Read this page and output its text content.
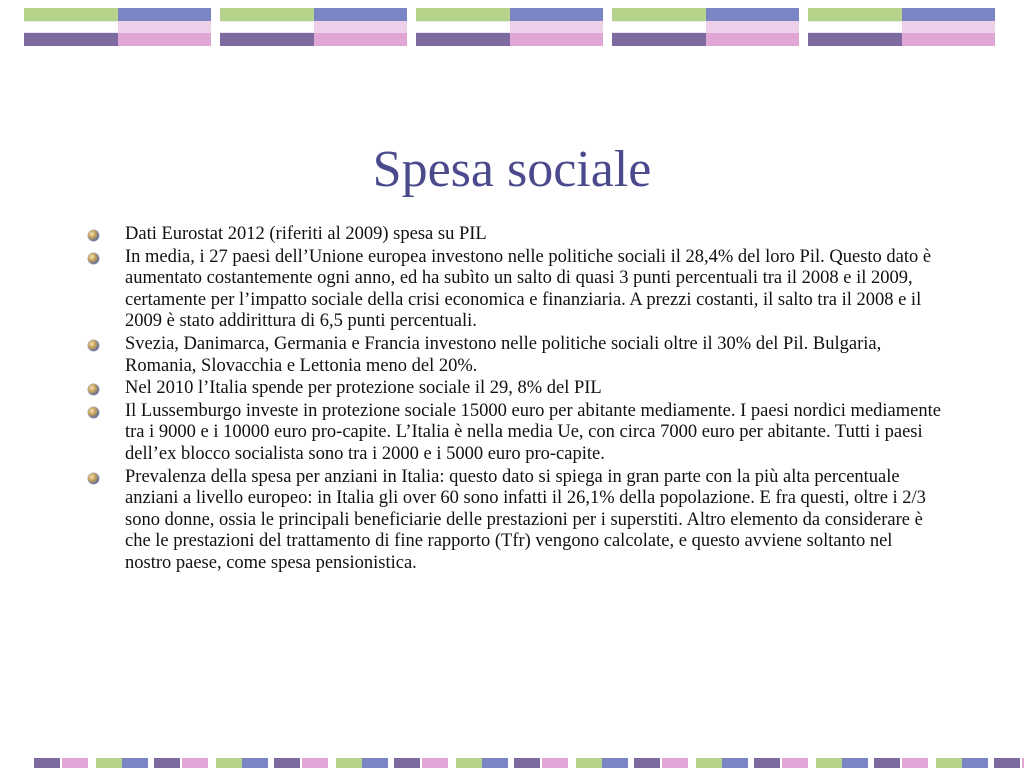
Spesa sociale
Dati Eurostat 2012 (riferiti al 2009) spesa su PIL
In media, i 27 paesi dell’Unione europea investono nelle politiche sociali il 28,4% del loro Pil. Questo dato è aumentato costantemente ogni anno, ed ha subìto un salto di quasi 3 punti percentuali tra il 2008 e il 2009, certamente per l’impatto sociale della crisi economica e finanziaria. A prezzi costanti, il salto tra il 2008 e il 2009 è stato addirittura di 6,5 punti percentuali.
Svezia, Danimarca, Germania e Francia investono nelle politiche sociali oltre il 30% del Pil. Bulgaria, Romania, Slovacchia e Lettonia meno del 20%.
Nel 2010 l’Italia spende per protezione sociale il 29, 8% del PIL
Il Lussemburgo investe in protezione sociale 15000 euro per abitante mediamente. I paesi nordici mediamente tra i 9000 e i 10000 euro pro-capite. L’Italia è nella media Ue, con circa 7000 euro per abitante. Tutti i paesi dell’ex blocco socialista sono tra i 2000 e i 5000 euro pro-capite.
Prevalenza della spesa per anziani in Italia: questo dato si spiega in gran parte con la più alta percentuale anziani a livello europeo: in Italia gli over 60 sono infatti il 26,1% della popolazione. E fra questi, oltre i 2/3 sono donne, ossia le principali beneficiarie delle prestazioni per i superstiti. Altro elemento da considerare è che le prestazioni del trattamento di fine rapporto (Tfr) vengono calcolate, e questo avviene soltanto nel nostro paese, come spesa pensionistica.
